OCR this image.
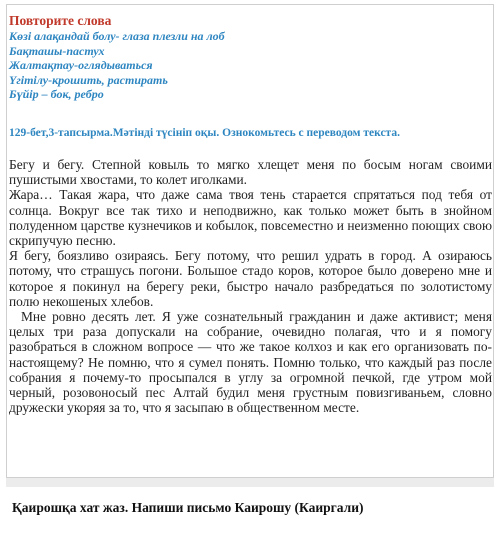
Повторите слова
Көзі алақандай болу- глаза плезли на лоб
Бақташы-пастух
Жалтақтау-оглядываться
Үгітілу-крошить, растирать
Бүйір – бок, ребро
129-бет,3-тапсырма.Мәтінді түсініп оқы. Ознокомьтесь с переводом текста.

Бегу и бегу. Степной ковыль то мягко хлещет меня по босым ногам своими пушистыми хвостами, то колет иголками.

Жара… Такая жара, что даже сама твоя тень старается спрятаться под тебя от солнца. Вокруг все так тихо и неподвижно, как только может быть в знойном полуденном царстве кузнечиков и кобылок, повсеместно и неизменно поющих свою скрипучую песню.

Я бегу, боязливо озираясь. Бегу потому, что решил удрать в город. А озираюсь потому, что страшусь погони. Большое стадо коров, которое было доверено мне и которое я покинул на берегу реки, быстро начало разбредаться по золотистому полю некошеных хлебов.

Мне ровно десять лет. Я уже сознательный гражданин и даже активист; меня целых три раза допускали на собрание, очевидно полагая, что и я помогу разобраться в сложном вопросе — что же такое колхоз и как его организовать по-настоящему? Не помню, что я сумел понять. Помню только, что каждый раз после собрания я почему-то просыпался в углу за огромной печкой, где утром мой черный, розовоносый пес Алтай будил меня грустным повизгиваньем, словно дружески укоряя за то, что я засыпаю в общественном месте.

Қаирошқа хат жаз. Напиши письмо Каирошу (Каиргали)
